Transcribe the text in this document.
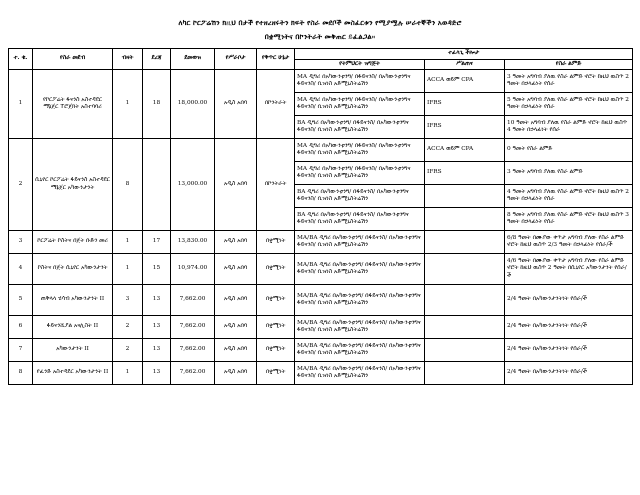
ለካር ኮርፖሬሽን ክዚህ በታች የተዘረዘሩትን ክፍት የስራ መደቦች መስፈርቱን የሚያሟሉ ሠራተኞችን አወዳድሮ
በቋሚነትና በኮንትራት መቅጠር ይፈልጋል፡፡
ተ. ቁ.	የስራ መደብ	ብዛት	ደረጃ	ደመወዝ	የሥራቦታ	የቅጥር ሁኔታ	ተፈላጊ ችሎታ		
							የትምህርት ዝግጅት	ሥልጠና	የስራ ልምድ
1	የኮርፖሬት ፋናንስ አስተዳደር ማኔጀር ፐሮጀክት አስተባባሪ	1	18	18,000.00	አዲስ አበባ	በኮንትራት	MA ዲግሪ በአካውንቲንግ/ በፋይናንስ/ በአካውንቲንግና ፋይናንስ/ ቢዝነስ አድሚኒስትሬሽን	ACCA ወይም CPA	3 ዓመት አግባብ ያለዉ የስራ ልምድ ኖሮት ከዚህ ዉስጥ 2 ዓመት በኃላፊነት የሰራ
							MA ዲግሪ በአካውንቲንግ/ በፋይናንስ/ በአካውንቲንግና ፋይናንስ/ ቢዝነስ አድሚኒስትሬሽን	IFRS	5 ዓመት አግባብ ያለዉ የስራ ልምድ ኖሮት ከዚህ ዉስጥ 2 ዓመት በኃላፊነት የሰራ
							BA ዲግሪ በአካውንቲንግ/ በፋይናንስ/ በአካውንቲንግና ፋይናንስ/ ቢዝነስ አድሚኒስትሬሽን	IFRS	10 ዓመት አግባብ ያለዉ የስራ ልምድ ኖሮት ከዚህ ዉስጥ 4 ዓመት በኃላፊነት የሰራ
2	ሲኒየር ኮርፖሬት ፋይናንስ አስተዳደር ማኔጀር አካውንታንት	8		13,000.00	አዲስ አበባ	በኮንትራት	MA ዲግሪ በአካውንቲንግ/ በፋይናንስ/ በአካውንቲንግና ፋይናንስ/ ቢዝነስ አድሚኒስትሬሽን	ACCA ወይም CPA	0 ዓመት የስራ ልምድ
							MA ዲግሪ በአካውንቲንግ/ በፋይናንስ/ በአካውንቲንግና ፋይናንስ/ ቢዝነስ አድሚኒስትሬሽን	IFRS	3 ዓመት አግባብ ያለዉ የስራ ልምድ
							BA ዲግሪ በአካውንቲንግ/ በፋይናንስ/ በአካውንቲንግና ፋይናንስ/ ቢዝነስ አድሚኒስትሬሽን		4 ዓመት አግባብ ያለዉ የስራ ልምድ ኖሮት ከዚህ ዉስጥ 2 ዓመት በኃላፊነት የሰራ
							BA ዲግሪ በአካውንቲንግ/ በፋይናንስ/ በአካውንቲንግና ፋይናንስ/ ቢዝነስ አድሚኒስትሬሽን		8 ዓመት አግባብ ያለዉ የስራ ልምድ ኖሮት ከዚህ ዉስጥ 3 ዓመት በኃላፊነት የሰራ
3	ኮርፖሬት ኮስትና በጀት ቡድን መሪ	1	17	13,830.00	አዲስ አበባ	በቋሚነት	MA/BA ዲግሪ በአካውንቲንግ/ በፋይናንስ/ በአካውንቲንግና ፋይናንስ/ ቢዝነስ አድሚኒስትሬሽን		6/8 ዓመት በሙያው ቀጥታ አግባብ ያለው የስራ ልምድ ኖሮት ከዚህ ዉስጥ 2/3 ዓመት በኃላፊነት የሰራ/ች
4	ኮስትና በጀት ሲኒየር አካውንታንት	1	15	10,974.00	አዲስ አበባ	በቋሚነት	MA/BA ዲግሪ በአካውንቲንግ/ በፋይናንስ/ በአካውንቲንግና ፋይናንስ/ ቢዝነስ አድሚኒስትሬሽን		4/6 ዓመት በሙያው ቀጥታ አግባብ ያለው የስራ ልምድ ኖሮት ከዚህ ዉስጥ 2 ዓመት በሲኒየር አካውንታንት የሰራ/ች
5	ጠቅላላ ሂሳብ አካውንታንት II	3	13	7,662.00	አዲስ አበባ	በቋሚነት	MA/BA ዲግሪ በአካውንቲንግ/ በፋይናንስ/ በአካውንቲንግና ፋይናንስ/ ቢዝነስ አድሚኒስትሬሽን		2/4 ዓመት በአካውንታንትነት የሰራ/ች
6	ፋይናንሺያል አናሊስት II	2	13	7,662.00	አዲስ አበባ	በቋሚነት	MA/BA ዲግሪ በአካውንቲንግ/ በፋይናንስ/ በአካውንቲንግና ፋይናንስ/ ቢዝነስ አድሚኒስትሬሽን		2/4 ዓመት በአካውንታንትነት የሰራ/ች
7	አካውንታንት II	2	13	7,662.00	አዲስ አበባ	በቋሚነት	MA/BA ዲግሪ በአካውንቲንግ/ በፋይናንስ/ በአካውንቲንግና ፋይናንስ/ ቢዝነስ አድሚኒስትሬሽን		2/4 ዓመት በአካውንታንትነት የሰራ/ች
8	የፈንድ አስተዳደር አካውንታንት II	1	13	7,662.00	አዲስ አበባ	በቋሚነት	MA/BA ዲግሪ በአካውንቲንግ/ በፋይናንስ/ በአካውንቲንግና ፋይናንስ/ ቢዝነስ አድሚኒስትሬሽን		2/4 ዓመት በአካውንታንትነት የሰራ/ች
